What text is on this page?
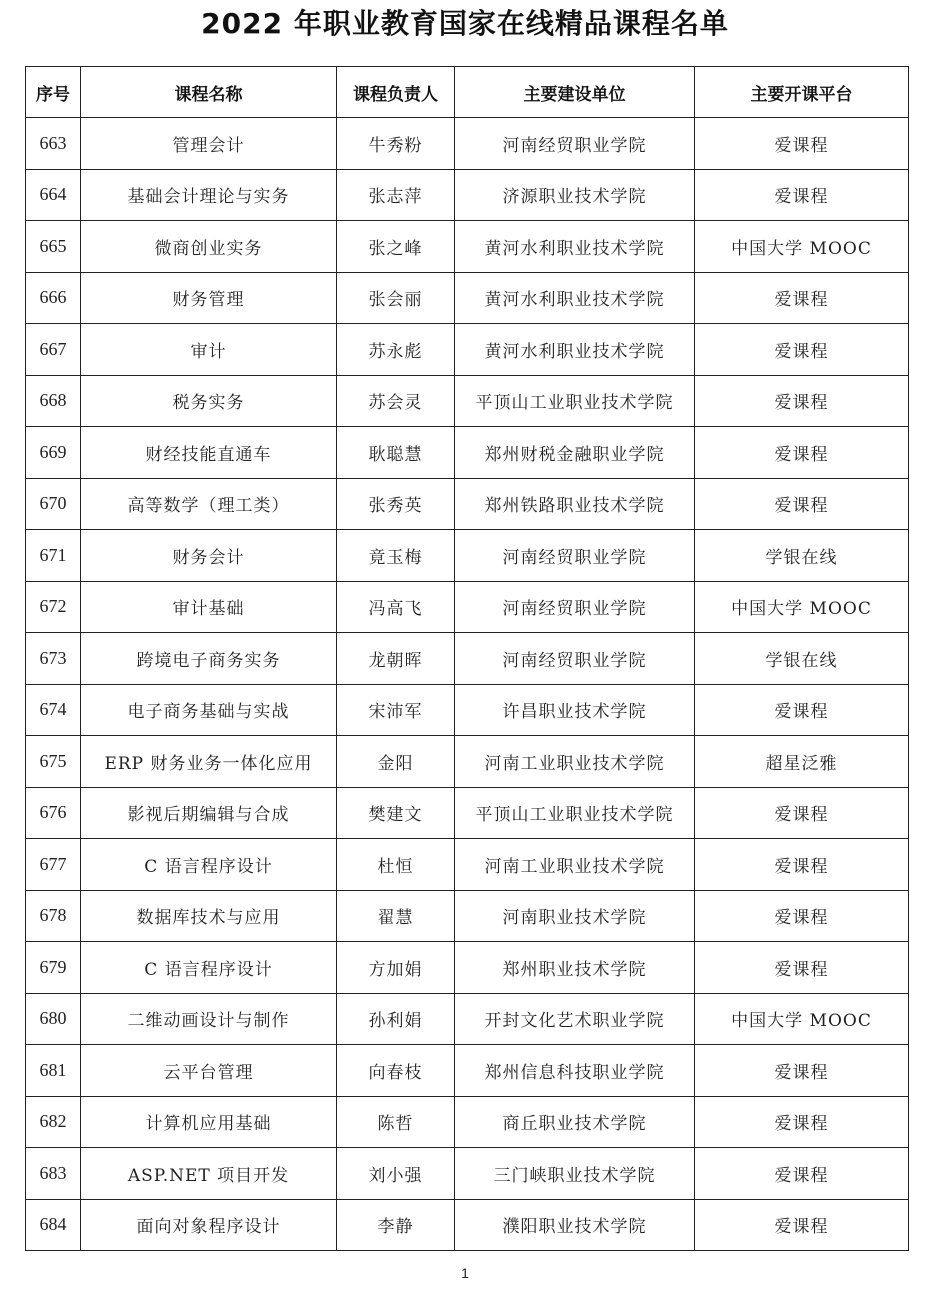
2022 年职业教育国家在线精品课程名单
序号	课程名称	课程负责人	主要建设单位	主要开课平台
663	管理会计	牛秀粉	河南经贸职业学院	爱课程
664	基础会计理论与实务	张志萍	济源职业技术学院	爱课程
665	微商创业实务	张之峰	黄河水利职业技术学院	中国大学 MOOC
666	财务管理	张会丽	黄河水利职业技术学院	爱课程
667	审计	苏永彪	黄河水利职业技术学院	爱课程
668	税务实务	苏会灵	平顶山工业职业技术学院	爱课程
669	财经技能直通车	耿聪慧	郑州财税金融职业学院	爱课程
670	高等数学（理工类）	张秀英	郑州铁路职业技术学院	爱课程
671	财务会计	竟玉梅	河南经贸职业学院	学银在线
672	审计基础	冯高飞	河南经贸职业学院	中国大学 MOOC
673	跨境电子商务实务	龙朝晖	河南经贸职业学院	学银在线
674	电子商务基础与实战	宋沛军	许昌职业技术学院	爱课程
675	ERP 财务业务一体化应用	金阳	河南工业职业技术学院	超星泛雅
676	影视后期编辑与合成	樊建文	平顶山工业职业技术学院	爱课程
677	C 语言程序设计	杜恒	河南工业职业技术学院	爱课程
678	数据库技术与应用	翟慧	河南职业技术学院	爱课程
679	C 语言程序设计	方加娟	郑州职业技术学院	爱课程
680	二维动画设计与制作	孙利娟	开封文化艺术职业学院	中国大学 MOOC
681	云平台管理	向春枝	郑州信息科技职业学院	爱课程
682	计算机应用基础	陈哲	商丘职业技术学院	爱课程
683	ASP.NET 项目开发	刘小强	三门峡职业技术学院	爱课程
684	面向对象程序设计	李静	濮阳职业技术学院	爱课程
1
